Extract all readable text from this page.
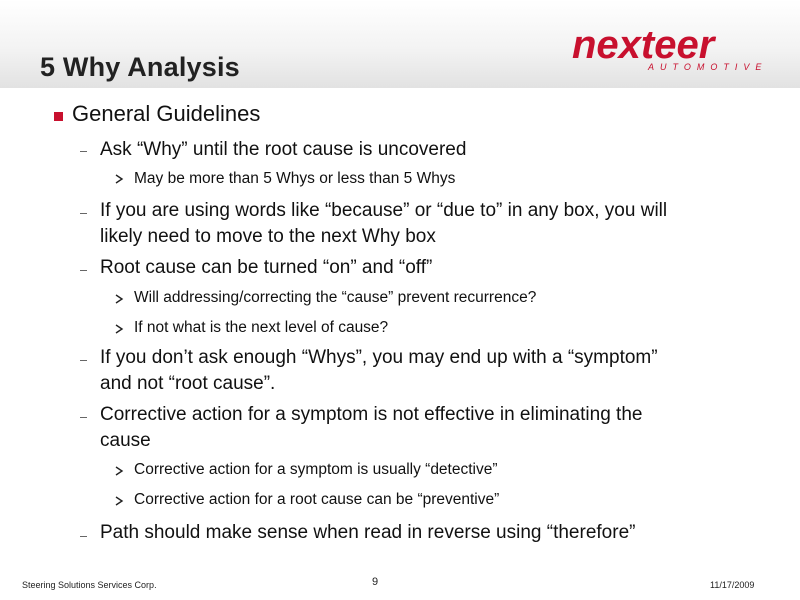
5 Why Analysis	nexteer
AUTOMOTIVE
General Guidelines
Ask “Why” until the root cause is uncovered
May be more than 5 Whys or less than 5 Whys
If you are using words like “because” or “due to” in any box, you will
likely need to move to the next Why box
Root cause can be turned “on” and “off”
Will addressing/correcting the “cause” prevent recurrence?
If not what is the next level of cause?
If you don’t ask enough “Whys”, you may end up with a “symptom”
and not “root cause”.
Corrective action for a symptom is not effective in eliminating the
cause
Corrective action for a symptom is usually “detective”
Corrective action for a root cause can be “preventive”
Path should make sense when read in reverse using “therefore”
Steering Solutions Services Corp.	9	11/17/2009
